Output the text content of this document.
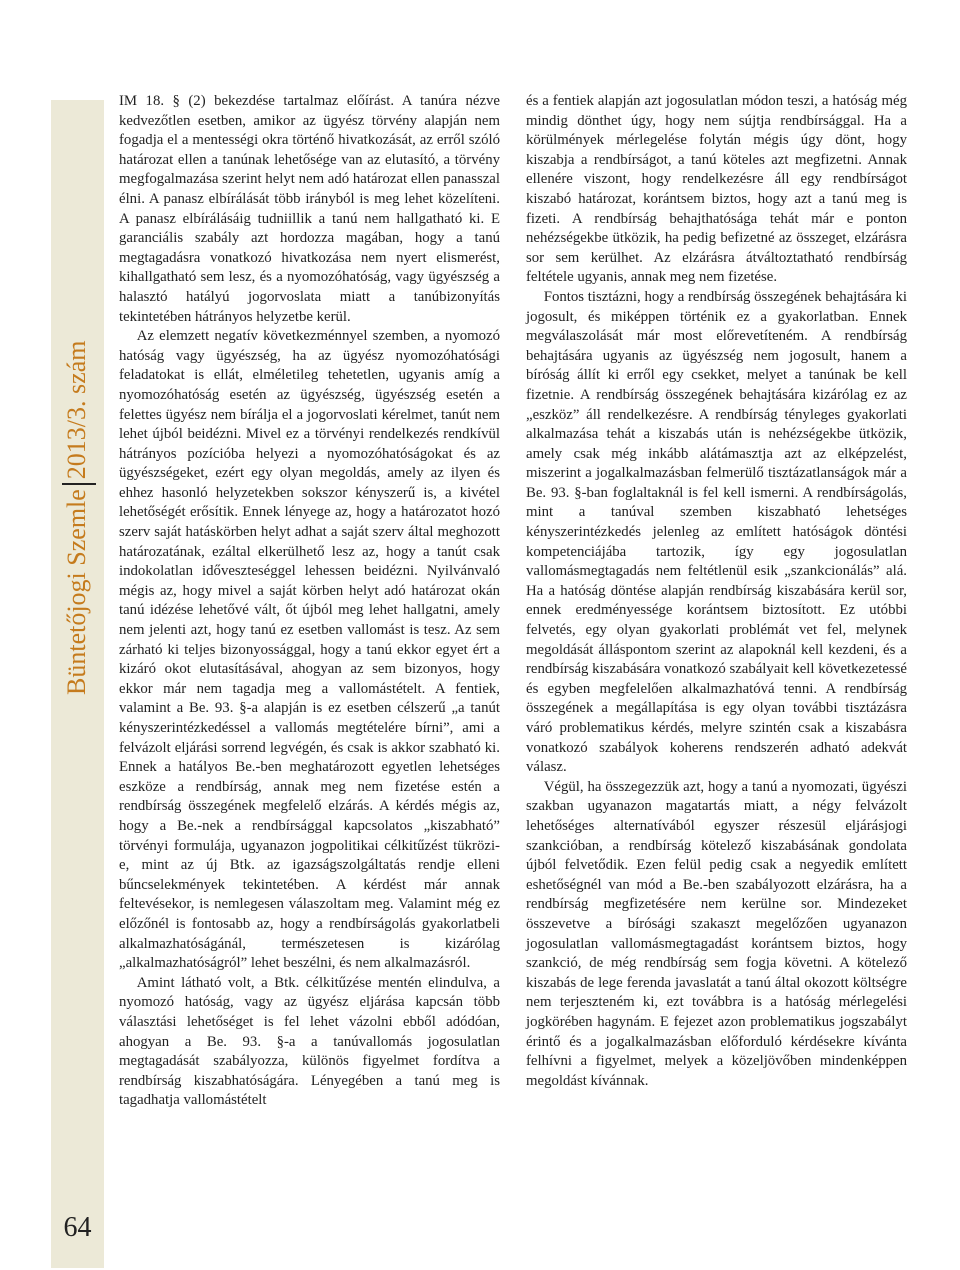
Büntetőjogi Szemle2013/3. szám
64

IM 18. § (2) bekezdése tartalmaz előírást. A tanúra nézve kedvezőtlen esetben, amikor az ügyész törvény alapján nem fogadja el a mentességi okra történő hivatkozását, az erről szóló határozat ellen a tanúnak lehetősége van az elutasító, a törvény megfogalmazása szerint helyt nem adó határozat ellen panasszal élni. A panasz elbírálását több irányból is meg lehet közelíteni. A panasz elbírálásáig tudniillik a tanú nem hallgatható ki. E garanciális szabály azt hordozza magában, hogy a tanú megtagadásra vonatkozó hivatkozása nem nyert elismerést, kihallgatható sem lesz, és a nyomozóhatóság, vagy ügyészség a halasztó hatályú jogorvoslata miatt a tanúbizonyítás tekintetében hátrányos helyzetbe kerül.

Az elemzett negatív következménnyel szemben, a nyomozó hatóság vagy ügyészség, ha az ügyész nyomozóhatósági feladatokat is ellát, elméletileg tehetetlen, ugyanis amíg a nyomozóhatóság esetén az ügyészség, ügyészség esetén a felettes ügyész nem bírálja el a jogorvoslati kérelmet, tanút nem lehet újból beidézni. Mivel ez a törvényi rendelkezés rendkívül hátrányos pozícióba helyezi a nyomozóhatóságokat és az ügyészségeket, ezért egy olyan megoldás, amely az ilyen és ehhez hasonló helyzetekben sokszor kényszerű is, a kivétel lehetőségét erősítik. Ennek lényege az, hogy a határozatot hozó szerv saját hatáskörben helyt adhat a saját szerv által meghozott határozatának, ezáltal elkerülhető lesz az, hogy a tanút csak indokolatlan időveszteséggel lehessen beidézni. Nyilvánvaló mégis az, hogy mivel a saját körben helyt adó határozat okán tanú idézése lehetővé vált, őt újból meg lehet hallgatni, amely nem jelenti azt, hogy tanú ez esetben vallomást is tesz. Az sem zárható ki teljes bizonyossággal, hogy a tanú ekkor egyet ért a kizáró okot elutasításával, ahogyan az sem bizonyos, hogy ekkor már nem tagadja meg a vallomástételt. A fentiek, valamint a Be. 93. §-a alapján is ez esetben célszerű „a tanút kényszerintézkedéssel a vallomás megtételére bírni”, ami a felvázolt eljárási sorrend legvégén, és csak is akkor szabható ki. Ennek a hatályos Be.-ben meghatározott egyetlen lehetséges eszköze a rendbírság, annak meg nem fizetése estén a rendbírság összegének megfelelő elzárás. A kérdés mégis az, hogy a Be.-nek a rendbírsággal kapcsolatos „kiszabható” törvényi formulája, ugyanazon jogpolitikai célkitűzést tükrözi-e, mint az új Btk. az igazságszolgáltatás rendje elleni bűncselekmények tekintetében. A kérdést már annak feltevésekor, is nemlegesen válaszoltam meg. Valamint még ez előzőnél is fontosabb az, hogy a rendbírságolás gyakorlatbeli alkalmazhatóságánál, természetesen is kizárólag „alkalmazhatóságról” lehet beszélni, és nem alkalmazásról.

Amint látható volt, a Btk. célkitűzése mentén elindulva, a nyomozó hatóság, vagy az ügyész eljárása kapcsán több választási lehetőséget is fel lehet vázolni ebből adódóan, ahogyan a Be. 93. §-a a tanúvallomás jogosulatlan megtagadását szabályozza, különös figyelmet fordítva a rendbírság kiszabhatóságára. Lényegében a tanú meg is tagadhatja vallomástételt

és a fentiek alapján azt jogosulatlan módon teszi, a hatóság még mindig dönthet úgy, hogy nem sújtja rendbírsággal. Ha a körülmények mérlegelése folytán mégis úgy dönt, hogy kiszabja a rendbírságot, a tanú köteles azt megfizetni. Annak ellenére viszont, hogy rendelkezésre áll egy rendbírságot kiszabó határozat, korántsem biztos, hogy azt a tanú meg is fizeti. A rendbírság behajthatósága tehát már e ponton nehézségekbe ütközik, ha pedig befizetné az összeget, elzárásra sor sem kerülhet. Az elzárásra átváltoztatható rendbírság feltétele ugyanis, annak meg nem fizetése.

Fontos tisztázni, hogy a rendbírság összegének behajtására ki jogosult, és miképpen történik ez a gyakorlatban. Ennek megválaszolását már most előrevetíteném. A rendbírság behajtására ugyanis az ügyészség nem jogosult, hanem a bíróság állít ki erről egy csekket, melyet a tanúnak be kell fizetnie. A rendbírság összegének behajtására kizárólag ez az „eszköz” áll rendelkezésre. A rendbírság tényleges gyakorlati alkalmazása tehát a kiszabás után is nehézségekbe ütközik, amely csak még inkább alátámasztja azt az elképzelést, miszerint a jogalkalmazásban felmerülő tisztázatlanságok már a Be. 93. §-ban foglaltaknál is fel kell ismerni. A rendbírságolás, mint a tanúval szemben kiszabható lehetséges kényszerintézkedés jelenleg az említett hatóságok döntési kompetenciájába tartozik, így egy jogosulatlan vallomásmegtagadás nem feltétlenül esik „szankcionálás” alá. Ha a hatóság döntése alapján rendbírság kiszabására kerül sor, ennek eredményessége korántsem biztosított. Ez utóbbi felvetés, egy olyan gyakorlati problémát vet fel, melynek megoldását álláspontom szerint az alapoknál kell kezdeni, és a rendbírság kiszabására vonatkozó szabályait kell következetessé és egyben megfelelően alkalmazhatóvá tenni. A rendbírság összegének a megállapítása is egy olyan további tisztázásra váró problematikus kérdés, melyre szintén csak a kiszabásra vonatkozó szabályok koherens rendszerén adható adekvát válasz.

Végül, ha összegezzük azt, hogy a tanú a nyomozati, ügyészi szakban ugyanazon magatartás miatt, a négy felvázolt lehetőséges alternatívából egyszer részesül eljárásjogi szankcióban, a rendbírság kötelező kiszabásának gondolata újból felvetődik. Ezen felül pedig csak a negyedik említett eshetőségnél van mód a Be.-ben szabályozott elzárásra, ha a rendbírság megfizetésére nem kerülne sor. Mindezeket összevetve a bírósági szakaszt megelőzően ugyanazon jogosulatlan vallomásmegtagadást korántsem biztos, hogy szankció, de még rendbírság sem fogja követni. A kötelező kiszabás de lege ferenda javaslatát a tanú által okozott költségre nem terjeszteném ki, ezt továbbra is a hatóság mérlegelési jogkörében hagynám. E fejezet azon problematikus jogszabályt érintő és a jogalkalmazásban előforduló kérdésekre kívánta felhívni a figyelmet, melyek a közeljövőben mindenképpen megoldást kívánnak.
